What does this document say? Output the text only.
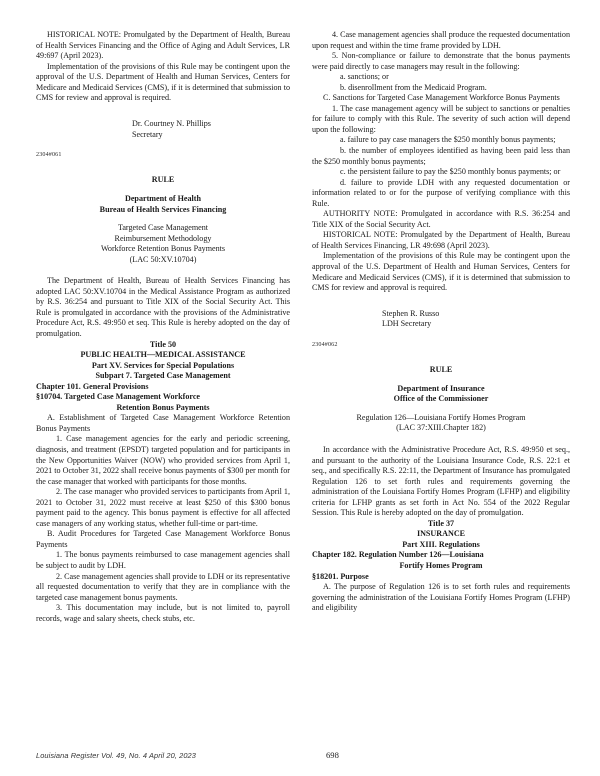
HISTORICAL NOTE: Promulgated by the Department of Health, Bureau of Health Services Financing and the Office of Aging and Adult Services, LR 49:697 (April 2023).

Implementation of the provisions of this Rule may be contingent upon the approval of the U.S. Department of Health and Human Services, Centers for Medicare and Medicaid Services (CMS), if it is determined that submission to CMS for review and approval is required.

Dr. Courtney N. Phillips

Secretary

2304#061

RULE

Department of Health

Bureau of Health Services Financing

Targeted Case Management

Reimbursement Methodology

Workforce Retention Bonus Payments

(LAC 50:XV.10704)

The Department of Health, Bureau of Health Services Financing has adopted LAC 50:XV.10704 in the Medical Assistance Program as authorized by R.S. 36:254 and pursuant to Title XIX of the Social Security Act. This Rule is promulgated in accordance with the provisions of the Administrative Procedure Act, R.S. 49:950 et seq. This Rule is hereby adopted on the day of promulgation.

Title 50

PUBLIC HEALTH—MEDICAL ASSISTANCE

Part XV. Services for Special Populations

Subpart 7. Targeted Case Management

Chapter 101. General Provisions

§10704. Targeted Case Management Workforce

Retention Bonus Payments

A. Establishment of Targeted Case Management Workforce Retention Bonus Payments

1. Case management agencies for the early and periodic screening, diagnosis, and treatment (EPSDT) targeted population and for participants in the New Opportunities Waiver (NOW) who provided services from April 1, 2021 to October 31, 2022 shall receive bonus payments of $300 per month for the case manager that worked with participants for those months.

2. The case manager who provided services to participants from April 1, 2021 to October 31, 2022 must receive at least $250 of this $300 bonus payment paid to the agency. This bonus payment is effective for all affected case managers of any working status, whether full-time or part-time.

B. Audit Procedures for Targeted Case Management Workforce Bonus Payments

1. The bonus payments reimbursed to case management agencies shall be subject to audit by LDH.

2. Case management agencies shall provide to LDH or its representative all requested documentation to verify that they are in compliance with the targeted case management bonus payments.

3. This documentation may include, but is not limited to, payroll records, wage and salary sheets, check stubs, etc.

4. Case management agencies shall produce the requested documentation upon request and within the time frame provided by LDH.

5. Non-compliance or failure to demonstrate that the bonus payments were paid directly to case managers may result in the following:

a. sanctions; or

b. disenrollment from the Medicaid Program.

C. Sanctions for Targeted Case Management Workforce Bonus Payments

1. The case management agency will be subject to sanctions or penalties for failure to comply with this Rule. The severity of such action will depend upon the following:

a. failure to pay case managers the $250 monthly bonus payments;

b. the number of employees identified as having been paid less than the $250 monthly bonus payments;

c. the persistent failure to pay the $250 monthly bonus payments; or

d. failure to provide LDH with any requested documentation or information related to or for the purpose of verifying compliance with this Rule.

AUTHORITY NOTE: Promulgated in accordance with R.S. 36:254 and Title XIX of the Social Security Act.

HISTORICAL NOTE: Promulgated by the Department of Health, Bureau of Health Services Financing, LR 49:698 (April 2023).

Implementation of the provisions of this Rule may be contingent upon the approval of the U.S. Department of Health and Human Services, Centers for Medicare and Medicaid Services (CMS), if it is determined that submission to CMS for review and approval is required.

Stephen R. Russo

LDH Secretary

2304#062

RULE

Department of Insurance

Office of the Commissioner

Regulation 126—Louisiana Fortify Homes Program

(LAC 37:XIII.Chapter 182)

In accordance with the Administrative Procedure Act, R.S. 49:950 et seq., and pursuant to the authority of the Louisiana Insurance Code, R.S. 22:1 et seq., and specifically R.S. 22:11, the Department of Insurance has promulgated Regulation 126 to set forth rules and requirements governing the administration of the Louisiana Fortify Homes Program (LFHP) and eligibility criteria for LFHP grants as set forth in Act No. 554 of the 2022 Regular Session. This Rule is hereby adopted on the day of promulgation.

Title 37

INSURANCE

Part XIII. Regulations

Chapter 182. Regulation Number 126—Louisiana

Fortify Homes Program

§18201. Purpose

A. The purpose of Regulation 126 is to set forth rules and requirements governing the administration of the Louisiana Fortify Homes Program (LFHP) and eligibility

Louisiana Register Vol. 49, No. 4 April 20, 2023	698
